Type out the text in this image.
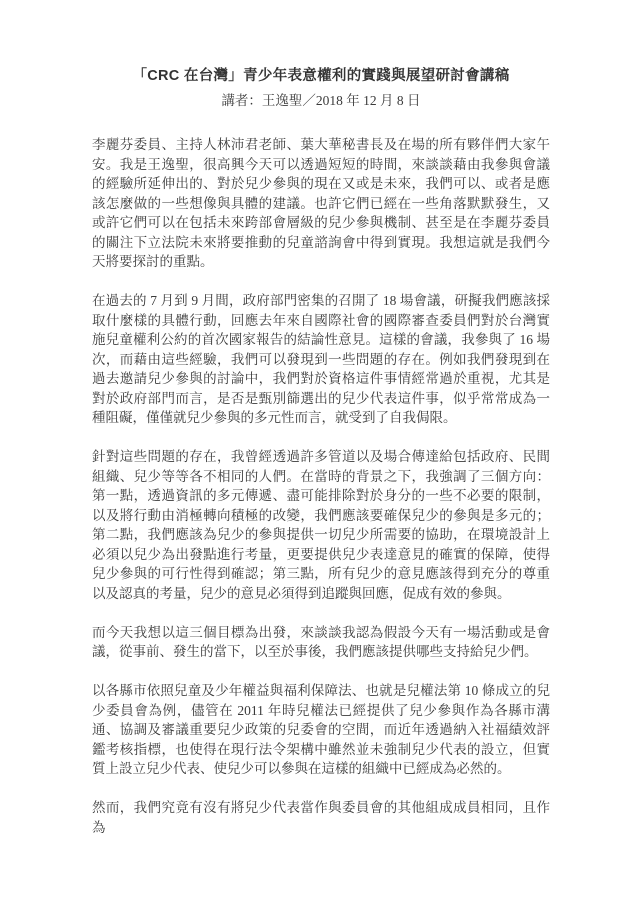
「CRC 在台灣」青少年表意權利的實踐與展望研討會講稿
講者：王逸聖／2018 年 12 月 8 日

李麗芬委員、主持人林沛君老師、葉大華秘書長及在場的所有夥伴們大家午安。我是王逸聖，很高興今天可以透過短短的時間，來談談藉由我參與會議的經驗所延伸出的、對於兒少參與的現在又或是未來，我們可以、或者是應該怎麼做的一些想像與具體的建議。也許它們已經在一些角落默默發生，又或許它們可以在包括未來跨部會層級的兒少參與機制、甚至是在李麗芬委員的關注下立法院未來將要推動的兒童諮詢會中得到實現。我想這就是我們今天將要探討的重點。

在過去的 7 月到 9 月間，政府部門密集的召開了 18 場會議，研擬我們應該採取什麼樣的具體行動，回應去年來自國際社會的國際審查委員們對於台灣實施兒童權利公約的首次國家報告的結論性意見。這樣的會議，我參與了 16 場次，而藉由這些經驗，我們可以發現到一些問題的存在。例如我們發現到在過去邀請兒少參與的討論中，我們對於資格這件事情經常過於重視，尤其是對於政府部門而言，是否是甄別篩選出的兒少代表這件事，似乎常常成為一種阻礙，僅僅就兒少參與的多元性而言，就受到了自我侷限。

針對這些問題的存在，我曾經透過許多管道以及場合傳達給包括政府、民間組織、兒少等等各不相同的人們。在當時的背景之下，我強調了三個方向：第一點，透過資訊的多元傳遞、盡可能排除對於身分的一些不必要的限制，以及將行動由消極轉向積極的改變，我們應該要確保兒少的參與是多元的；第二點，我們應該為兒少的參與提供一切兒少所需要的協助，在環境設計上必須以兒少為出發點進行考量，更要提供兒少表達意見的確實的保障，使得兒少參與的可行性得到確認；第三點，所有兒少的意見應該得到充分的尊重以及認真的考量，兒少的意見必須得到追蹤與回應，促成有效的參與。

而今天我想以這三個目標為出發，來談談我認為假設今天有一場活動或是會議，從事前、發生的當下，以至於事後，我們應該提供哪些支持給兒少們。

以各縣市依照兒童及少年權益與福利保障法、也就是兒權法第 10 條成立的兒少委員會為例，儘管在 2011 年時兒權法已經提供了兒少參與作為各縣市溝通、協調及審議重要兒少政策的兒委會的空間，而近年透過納入社福績效評鑑考核指標，也使得在現行法令架構中雖然並未強制兒少代表的設立，但實質上設立兒少代表、使兒少可以參與在這樣的組織中已經成為必然的。

然而，我們究竟有沒有將兒少代表當作與委員會的其他組成成員相同，且作為
